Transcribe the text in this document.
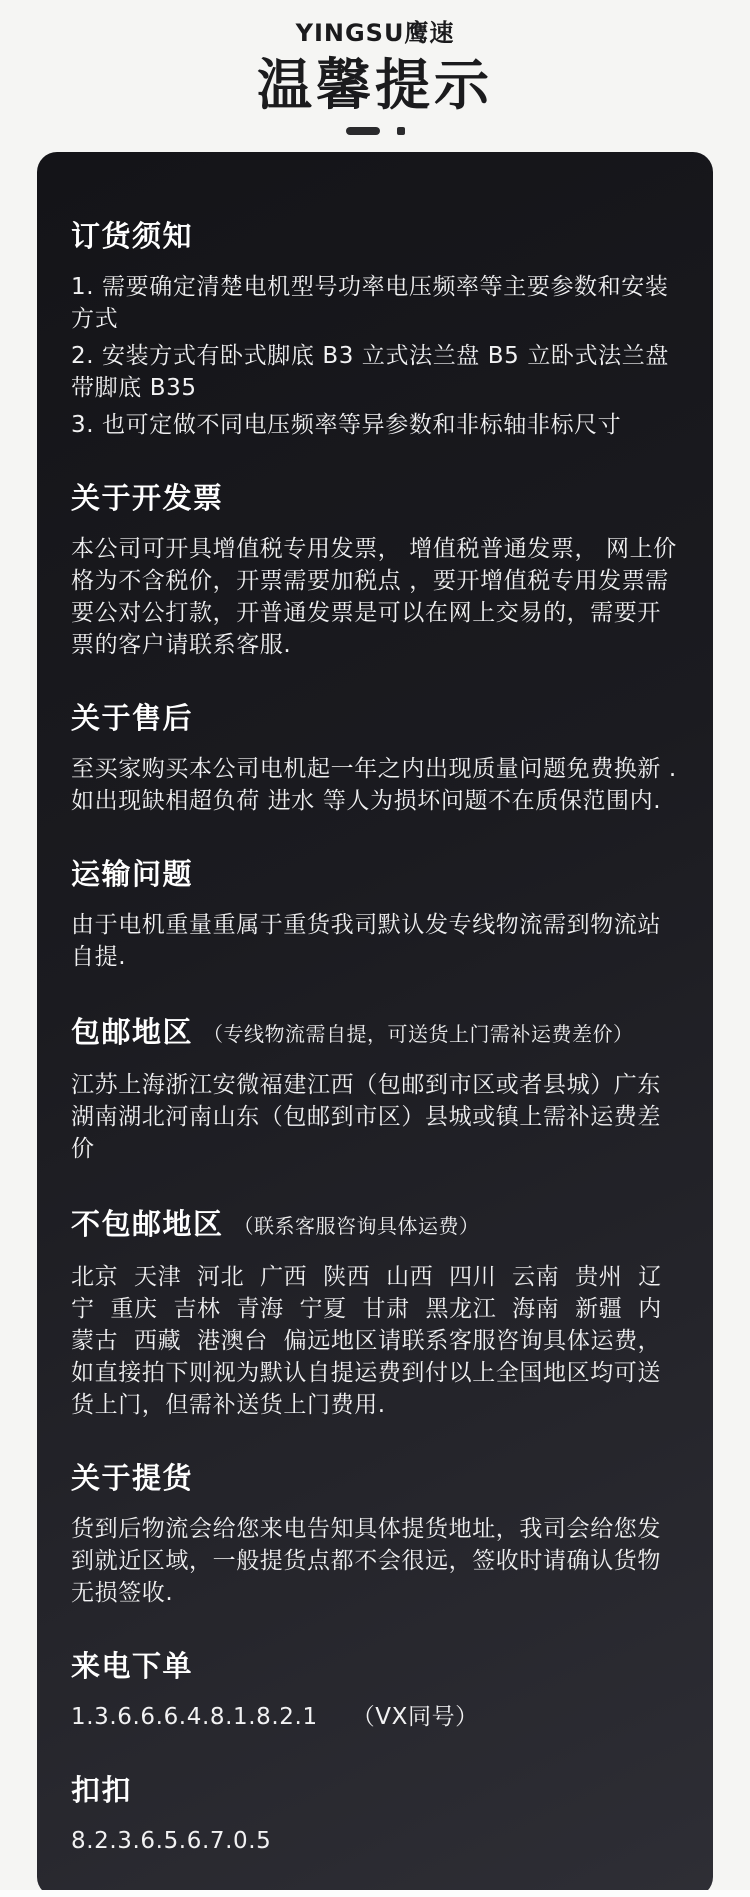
YINGSU鹰速
温馨提示
订货须知
1. 需要确定清楚电机型号功率电压频率等主要参数和安装方式
2. 安装方式有卧式脚底 B3 立式法兰盘 B5 立卧式法兰盘带脚底 B35
3. 也可定做不同电压频率等异参数和非标轴非标尺寸
关于开发票

本公司可开具增值税专用发票， 增值税普通发票， 网上价格为不含税价，开票需要加税点 ，要开增值税专用发票需要公对公打款，开普通发票是可以在网上交易的，需要开票的客户请联系客服.

关于售后

至买家购买本公司电机起一年之内出现质量问题免费换新 . 如出现缺相超负荷 进水 等人为损坏问题不在质保范围内.

运输问题

由于电机重量重属于重货我司默认发专线物流需到物流站自提.

包邮地区 （专线物流需自提，可送货上门需补运费差价）

江苏上海浙江安微福建江西（包邮到市区或者县城）广东湖南湖北河南山东（包邮到市区）县城或镇上需补运费差价

不包邮地区 （联系客服咨询具体运费）

北京  天津  河北  广西  陕西  山西  四川  云南  贵州  辽宁  重庆  吉林  青海  宁夏  甘肃  黑龙江  海南  新疆  内蒙古  西藏  港澳台  偏远地区请联系客服咨询具体运费，如直接拍下则视为默认自提运费到付以上全国地区均可送货上门，但需补送货上门费用.

关于提货

货到后物流会给您来电告知具体提货地址，我司会给您发到就近区域，一般提货点都不会很远，签收时请确认货物无损签收.

来电下单

1.3.6.6.6.4.8.1.8.2.1 （VX同号）

扣扣

8.2.3.6.5.6.7.0.5
